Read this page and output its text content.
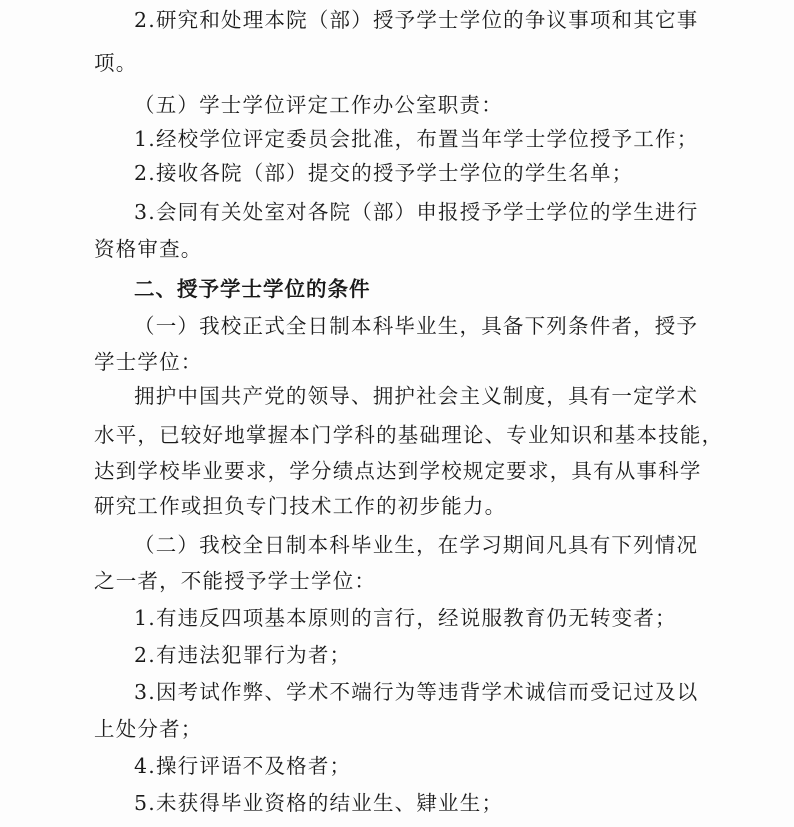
2.研究和处理本院（部）授予学士学位的争议事项和其它事
项。
（五）学士学位评定工作办公室职责：
1.经校学位评定委员会批准，布置当年学士学位授予工作；
2.接收各院（部）提交的授予学士学位的学生名单；
3.会同有关处室对各院（部）申报授予学士学位的学生进行
资格审查。
二、授予学士学位的条件
（一）我校正式全日制本科毕业生，具备下列条件者，授予
学士学位：
拥护中国共产党的领导、拥护社会主义制度，具有一定学术
水平，已较好地掌握本门学科的基础理论、专业知识和基本技能，
达到学校毕业要求，学分绩点达到学校规定要求，具有从事科学
研究工作或担负专门技术工作的初步能力。
（二）我校全日制本科毕业生，在学习期间凡具有下列情况
之一者，不能授予学士学位：
1.有违反四项基本原则的言行，经说服教育仍无转变者；
2.有违法犯罪行为者；
3.因考试作弊、学术不端行为等违背学术诚信而受记过及以
上处分者；
4.操行评语不及格者；
5.未获得毕业资格的结业生、肄业生；
